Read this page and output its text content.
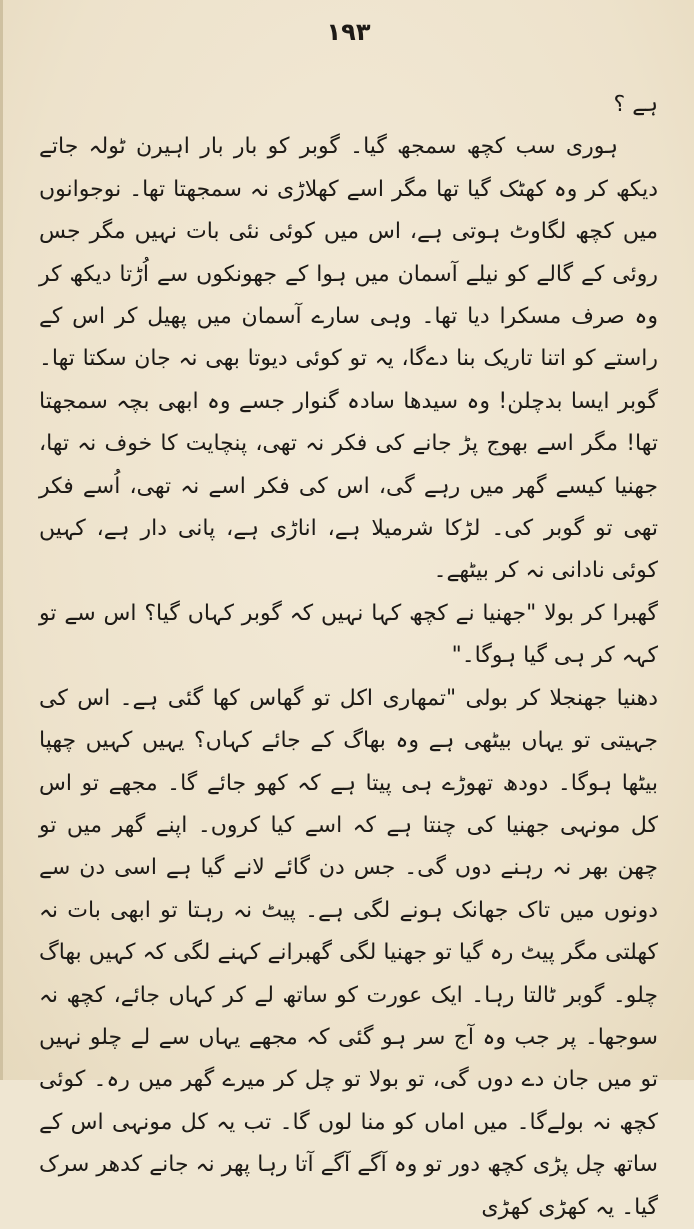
۱۹۳

ہے ؟

ہوری سب کچھ سمجھ گیا۔ گوبر کو بار بار اہیرن ٹولہ جاتے دیکھ کر وہ کھٹک گیا تھا مگر اسے کھلاڑی نہ سمجھتا تھا۔ نوجوانوں میں کچھ لگاوٹ ہوتی ہے، اس میں کوئی نئی بات نہیں مگر جس روئی کے گالے کو نیلے آسمان میں ہوا کے جھونکوں سے اُڑتا دیکھ کر وہ صرف مسکرا دیا تھا۔ وہی سارے آسمان میں پھیل کر اس کے راستے کو اتنا تاریک بنا دےگا، یہ تو کوئی دیوتا بھی نہ جان سکتا تھا۔ گوبر ایسا بدچلن! وہ سیدھا سادہ گنوار جسے وہ ابھی بچہ سمجھتا تھا! مگر اسے بھوج پڑ جانے کی فکر نہ تھی، پنچایت کا خوف نہ تھا، جھنیا کیسے گھر میں رہے گی، اس کی فکر اسے نہ تھی، اُسے فکر تھی تو گوبر کی۔ لڑکا شرمیلا ہے، اناڑی ہے، پانی دار ہے، کہیں کوئی نادانی نہ کر بیٹھے۔

گھبرا کر بولا "جھنیا نے کچھ کہا نہیں کہ گوبر کہاں گیا؟ اس سے تو کہہ کر ہی گیا ہوگا۔"

دھنیا جھنجلا کر بولی "تمھاری اکل تو گھاس کھا گئی ہے۔ اس کی جہیتی تو یہاں بیٹھی ہے وہ بھاگ کے جائے کہاں؟ یہیں کہیں چھپا بیٹھا ہوگا۔ دودھ تھوڑے ہی پیتا ہے کہ کھو جائے گا۔ مجھے تو اس کل مونہی جھنیا کی چنتا ہے کہ اسے کیا کروں۔ اپنے گھر میں تو چھن بھر نہ رہنے دوں گی۔ جس دن گائے لانے گیا ہے اسی دن سے دونوں میں تاک جھانک ہونے لگی ہے۔ پیٹ نہ رہتا تو ابھی بات نہ کھلتی مگر پیٹ رہ گیا تو جھنیا لگی گھبرانے کہنے لگی کہ کہیں بھاگ چلو۔ گوبر ٹالتا رہا۔ ایک عورت کو ساتھ لے کر کہاں جائے، کچھ نہ سوجھا۔ پر جب وہ آج سر ہو گئی کہ مجھے یہاں سے لے چلو نہیں تو میں جان دے دوں گی، تو بولا تو چل کر میرے گھر میں رہ۔ کوئی کچھ نہ بولےگا۔ میں اماں کو منا لوں گا۔ تب یہ کل مونہی اس کے ساتھ چل پڑی کچھ دور تو وہ آگے آگے آتا رہا پھر نہ جانے کدھر سرک گیا۔ یہ کھڑی کھڑی
